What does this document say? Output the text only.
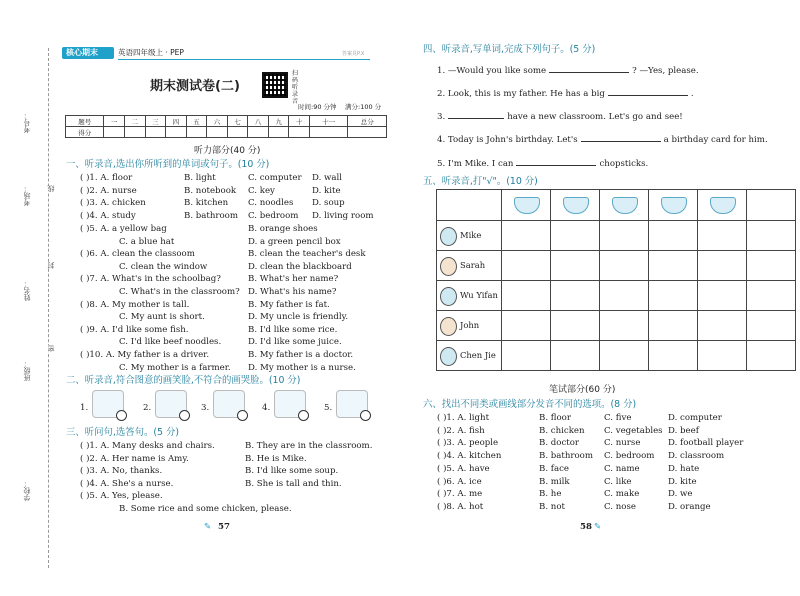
学校：
班级：
姓名：
考场：
考号：
密
封
线
核心期末	英语四年级上 · PEP	答案見P.X
期末测试卷(二)
扫码听录音
时间:90 分钟 满分:100 分
题号	一	二	三	四	五	六	七	八	九	十	十一	总分
得分												
听力部分(40 分)
一、听录音,选出你所听到的单词或句子。(10 分)
( )1. A. floor	B. light	C. computer D. wall
( )2. A. nurse	B. notebook C. key	D. kite
( )3. A. chicken	B. kitchen C. noodles D. soup
( )4. A. study	B. bathroom C. bedroom D. living room
( )5. A. a yellow bag	B. orange shoes
C. a blue hat	D. a green pencil box
( )6. A. clean the classoom	B. clean the teacher's desk
C. clean the window	D. clean the blackboard
( )7. A. What's in the schoolbag?	B. What's her name?
C. What's in the classroom? D. What's his name?
( )8. A. My mother is tall.	B. My father is fat.
C. My aunt is short.	D. My uncle is friendly.
( )9. A. I'd like some fish.	B. I'd like some rice.
C. I'd like beef noodles.	D. I'd like some juice.
( )10. A. My father is a driver.	B. My father is a doctor.
C. My mother is a farmer. D. My mother is a nurse.
二、听录音,符合图意的画笑脸,不符合的画哭脸。(10 分)
1.	2.	3.	4.	5.
三、听问句,选答句。(5 分)
( )1. A. Many desks and chairs.	B. They are in the classroom.
( )2. A. Her name is Amy.	B. He is Mike.
( )3. A. No, thanks.	B. I'd like some soup.
( )4. A. She's a nurse.	B. She is tall and thin.
( )5. A. Yes, please.
B. Some rice and some chicken, please.
57
✎
四、听录音,写单词,完成下列句子。(5 分)
1. —Would you like some	? —Yes, please.
2. Look, this is my father. He has a big	.
3.	have a new classroom. Let's go and see!
4. Today is John's birthday. Let's	a birthday card for him.
5. I'm Mike. I can	chopsticks.
五、听录音,打"√"。(10 分)

Mike						

Sarah						

Wu Yifan						

John						

Chen Jie						

笔试部分(60 分)
六、找出不同类或画线部分发音不同的选项。(8 分)
( )1. A. light	B. floor	C. five	D. computer
( )2. A. fish	B. chicken C. vegetables D. beef
( )3. A. people	B. doctor	C. nurse	D. football player
( )4. A. kitchen	B. bathroom C. bedroom D. classroom
( )5. A. have	B. face	C. name	D. hate
( )6. A. ice	B. milk	C. like	D. kite
( )7. A. me	B. he	C. make	D. we
( )8. A. hot	B. not	C. nose	D. orange
58 ✎
